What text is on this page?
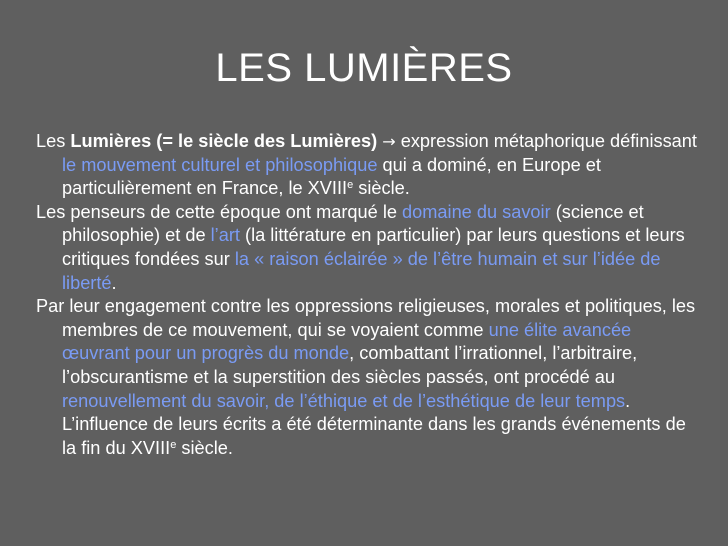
LES LUMIÈRES

Les Lumières (= le siècle des Lumières) → expression métaphorique définissant le mouvement culturel et philosophique qui a dominé, en Europe et particulièrement en France, le XVIIIe siècle.

Les penseurs de cette époque ont marqué le domaine du savoir (science et philosophie) et de l’art (la littérature en particulier) par leurs questions et leurs critiques fondées sur la « raison éclairée » de l’être humain et sur l’idée de liberté.

Par leur engagement contre les oppressions religieuses, morales et politiques, les membres de ce mouvement, qui se voyaient comme une élite avancée œuvrant pour un progrès du monde, combattant l’irrationnel, l’arbitraire, l’obscurantisme et la superstition des siècles passés, ont procédé au renouvellement du savoir, de l’éthique et de l’esthétique de leur temps. L’influence de leurs écrits a été déterminante dans les grands événements de la fin du XVIIIe siècle.
